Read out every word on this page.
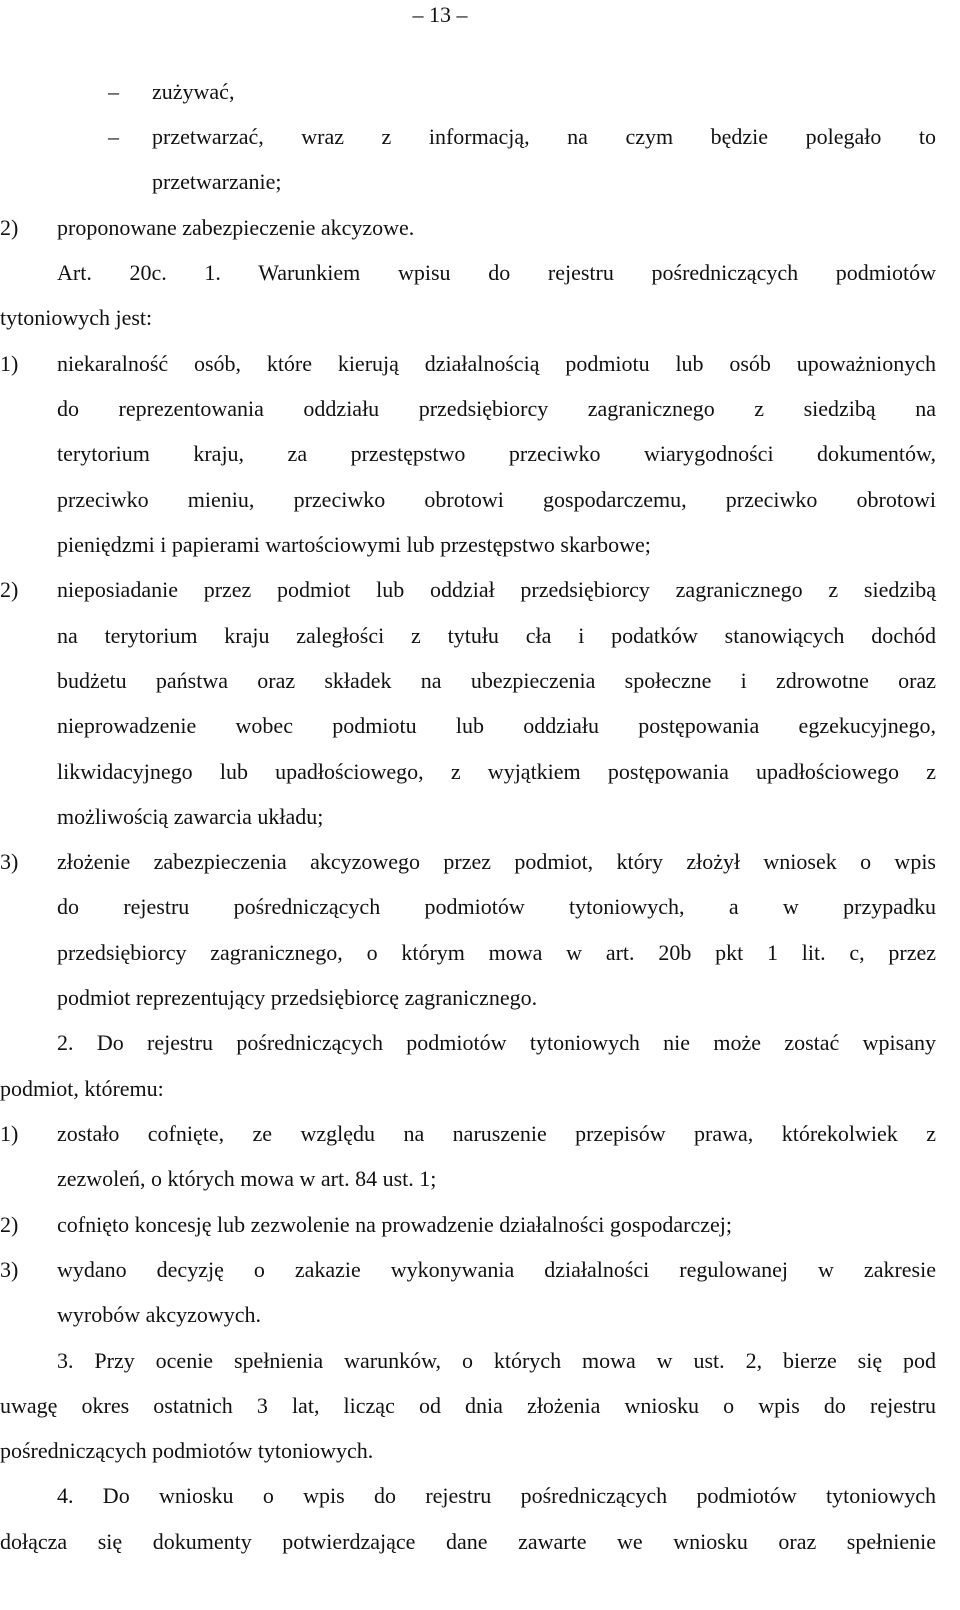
– 13 –
–	zużywać,
–	przetwarzać, wraz z informacją, na czym będzie polegało to
przetwarzanie;
2)	proponowane zabezpieczenie akcyzowe.
Art. 20c. 1. Warunkiem wpisu do rejestru pośredniczących podmiotów
tytoniowych jest:
1)	niekaralność osób, które kierują działalnością podmiotu lub osób upoważnionych
do reprezentowania oddziału przedsiębiorcy zagranicznego z siedzibą na
terytorium kraju, za przestępstwo przeciwko wiarygodności dokumentów,
przeciwko mieniu, przeciwko obrotowi gospodarczemu, przeciwko obrotowi
pieniędzmi i papierami wartościowymi lub przestępstwo skarbowe;
2)	nieposiadanie przez podmiot lub oddział przedsiębiorcy zagranicznego z siedzibą
na terytorium kraju zaległości z tytułu cła i podatków stanowiących dochód
budżetu państwa oraz składek na ubezpieczenia społeczne i zdrowotne oraz
nieprowadzenie wobec podmiotu lub oddziału postępowania egzekucyjnego,
likwidacyjnego lub upadłościowego, z wyjątkiem postępowania upadłościowego z
możliwością zawarcia układu;
3)	złożenie zabezpieczenia akcyzowego przez podmiot, który złożył wniosek o wpis
do rejestru pośredniczących podmiotów tytoniowych, a w przypadku
przedsiębiorcy zagranicznego, o którym mowa w art. 20b pkt 1 lit. c, przez
podmiot reprezentujący przedsiębiorcę zagranicznego.
2. Do rejestru pośredniczących podmiotów tytoniowych nie może zostać wpisany
podmiot, któremu:
1)	zostało cofnięte, ze względu na naruszenie przepisów prawa, którekolwiek z
zezwoleń, o których mowa w art. 84 ust. 1;
2)	cofnięto koncesję lub zezwolenie na prowadzenie działalności gospodarczej;
3)	wydano decyzję o zakazie wykonywania działalności regulowanej w zakresie
wyrobów akcyzowych.
3. Przy ocenie spełnienia warunków, o których mowa w ust. 2, bierze się pod
uwagę okres ostatnich 3 lat, licząc od dnia złożenia wniosku o wpis do rejestru
pośredniczących podmiotów tytoniowych.
4. Do wniosku o wpis do rejestru pośredniczących podmiotów tytoniowych
dołącza się dokumenty potwierdzające dane zawarte we wniosku oraz spełnienie
